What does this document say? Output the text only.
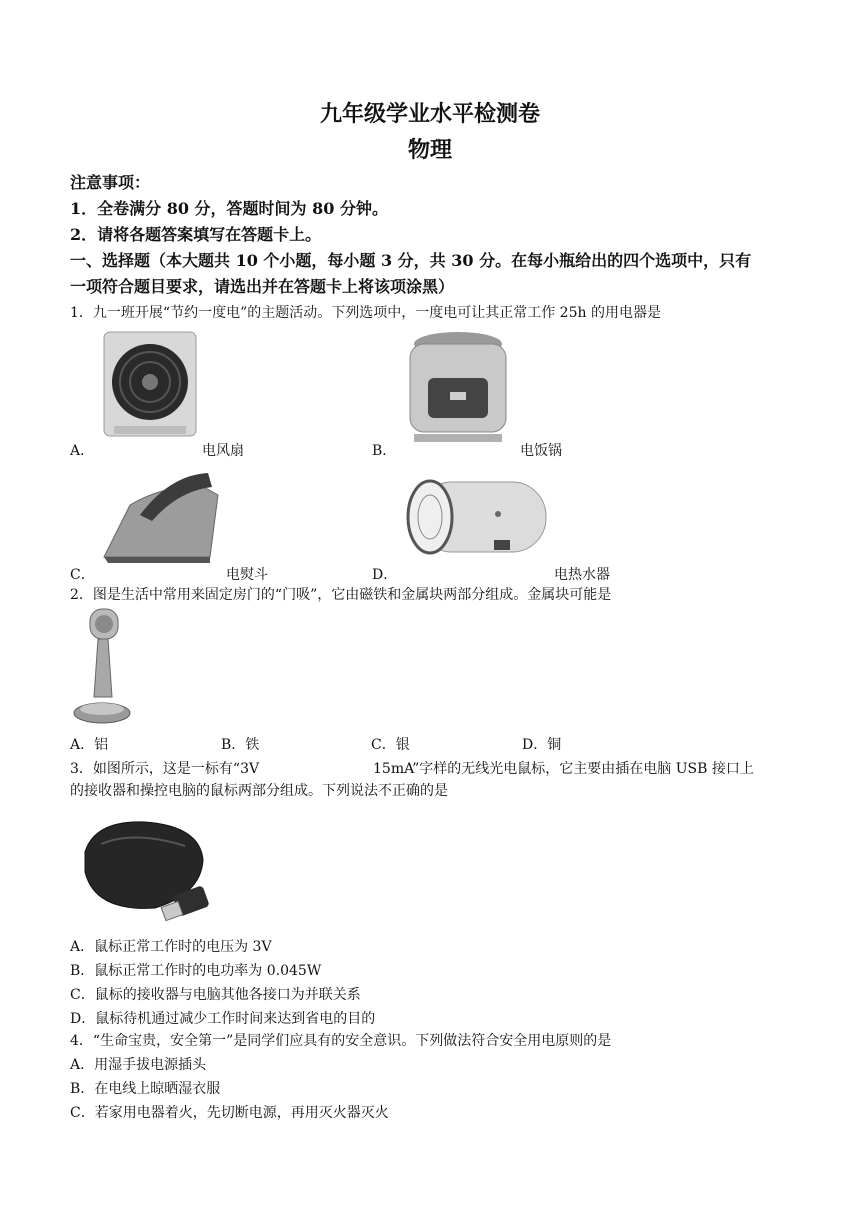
九年级学业水平检测卷
物理
注意事项：
1．全卷满分 80 分，答题时间为 80 分钟。
2．请将各题答案填写在答题卡上。
一、选择题（本大题共 10 个小题，每小题 3 分，共 30 分。在每小瓶给出的四个选项中，只有
一项符合题目要求，请选出并在答题卡上将该项涂黑）
1．九一班开展“节约一度电”的主题活动。下列选项中，一度电可让其正常工作 25h 的用电器是
A．	电风扇	B．	电饭锅
C．	电熨斗	D．	电热水器
2．图是生活中常用来固定房门的“门吸”，它由磁铁和金属块两部分组成。金属块可能是
A．铝	B．铁	C．银	D．铜
3．如图所示，这是一标有“3V	15mA”字样的无线光电鼠标，它主要由插在电脑 USB 接口上
的接收器和操控电脑的鼠标两部分组成。下列说法不正确的是
A．鼠标正常工作时的电压为 3V
B．鼠标正常工作时的电功率为 0.045W
C．鼠标的接收器与电脑其他各接口为并联关系
D．鼠标待机通过减少工作时间来达到省电的目的
4．“生命宝贵，安全第一”是同学们应具有的安全意识。下列做法符合安全用电原则的是
A．用湿手拔电源插头
B．在电线上晾晒湿衣服
C．若家用电器着火，先切断电源，再用灭火器灭火
